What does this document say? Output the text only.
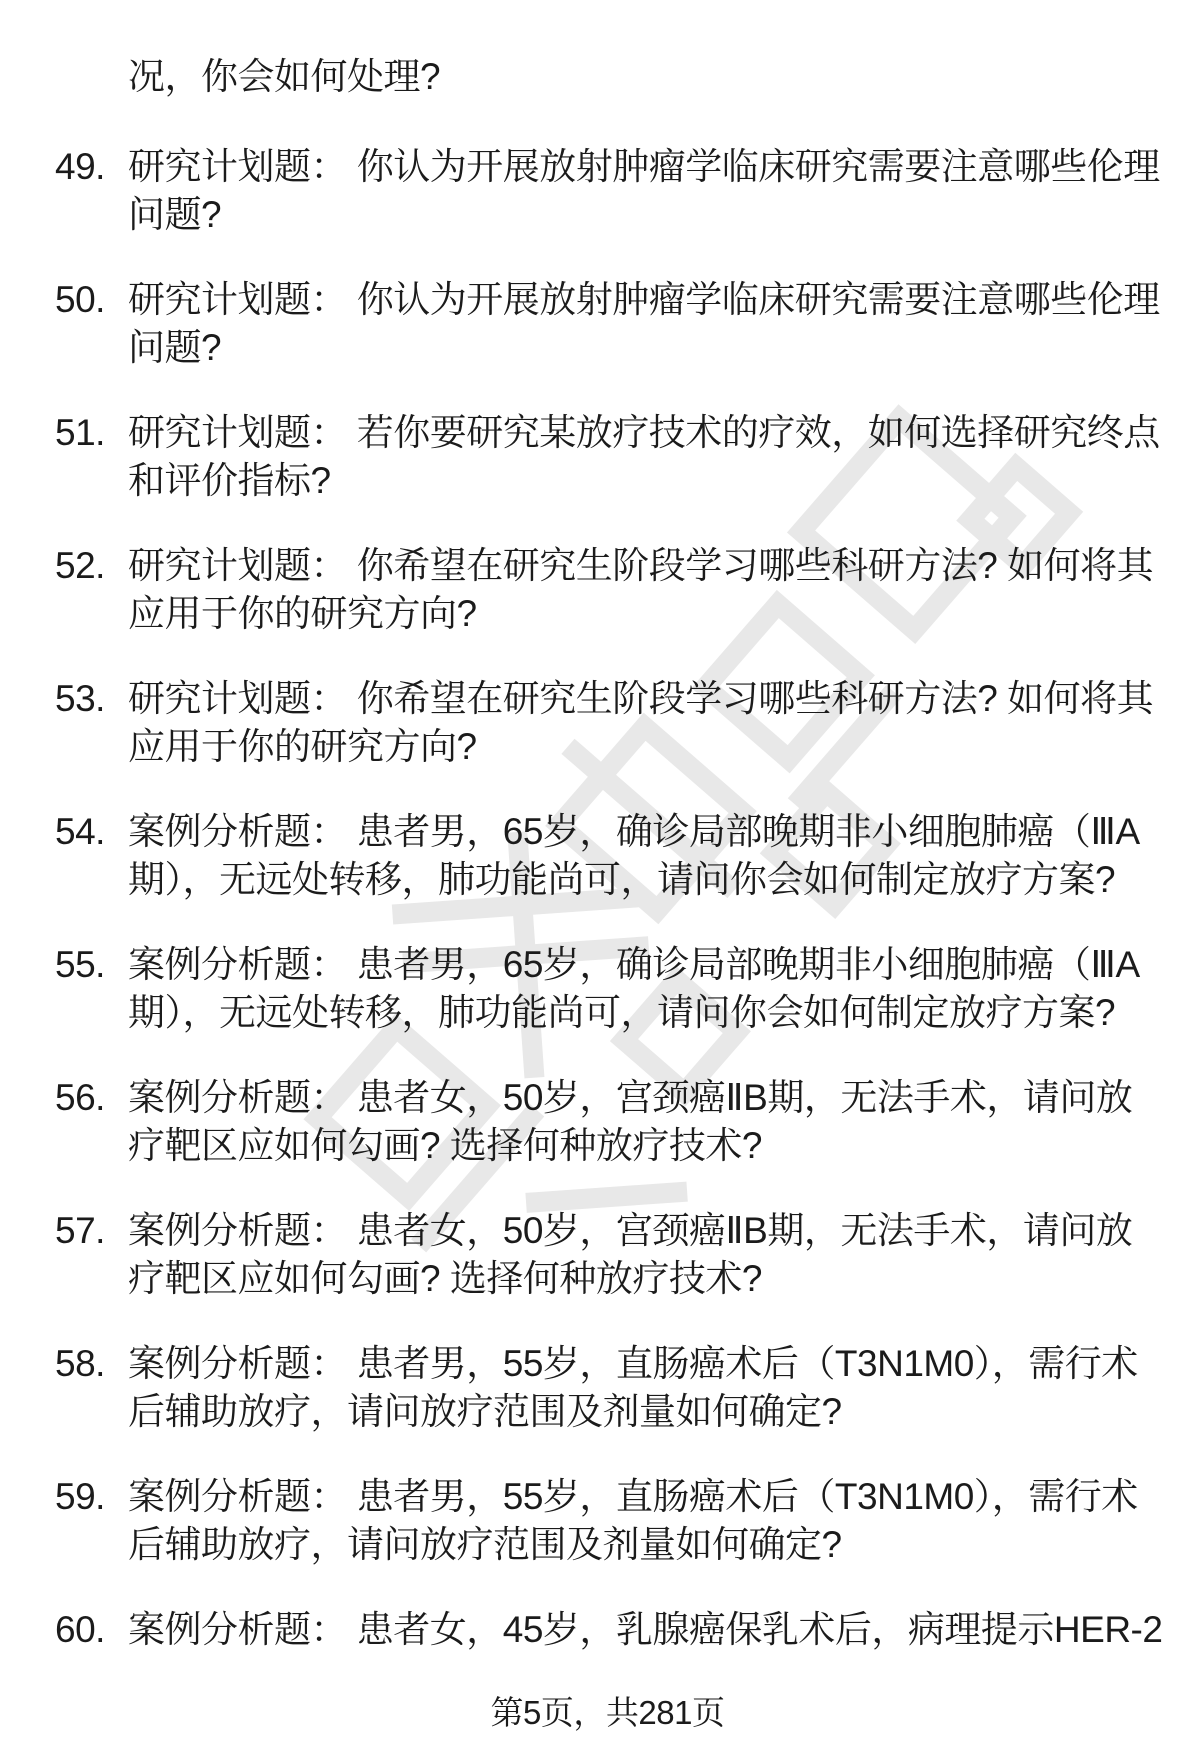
况，你会如何处理?
49. 研究计划题： 你认为开展放射肿瘤学临床研究需要注意哪些伦理
问题?
50. 研究计划题： 你认为开展放射肿瘤学临床研究需要注意哪些伦理
问题?
51. 研究计划题： 若你要研究某放疗技术的疗效，如何选择研究终点
和评价指标?
52. 研究计划题： 你希望在研究生阶段学习哪些科研方法? 如何将其
应用于你的研究方向?
53. 研究计划题： 你希望在研究生阶段学习哪些科研方法? 如何将其
应用于你的研究方向?
54. 案例分析题： 患者男，65岁，确诊局部晚期非小细胞肺癌（ⅢA
期），无远处转移，肺功能尚可，请问你会如何制定放疗方案?
55. 案例分析题： 患者男，65岁，确诊局部晚期非小细胞肺癌（ⅢA
期），无远处转移，肺功能尚可，请问你会如何制定放疗方案?
56. 案例分析题： 患者女，50岁，宫颈癌ⅡB期，无法手术，请问放
疗靶区应如何勾画? 选择何种放疗技术?
57. 案例分析题： 患者女，50岁，宫颈癌ⅡB期，无法手术，请问放
疗靶区应如何勾画? 选择何种放疗技术?
58. 案例分析题： 患者男，55岁，直肠癌术后（T3N1M0），需行术
后辅助放疗，请问放疗范围及剂量如何确定?
59. 案例分析题： 患者男，55岁，直肠癌术后（T3N1M0），需行术
后辅助放疗，请问放疗范围及剂量如何确定?
60. 案例分析题： 患者女，45岁，乳腺癌保乳术后，病理提示HER-2
第5页，共281页
